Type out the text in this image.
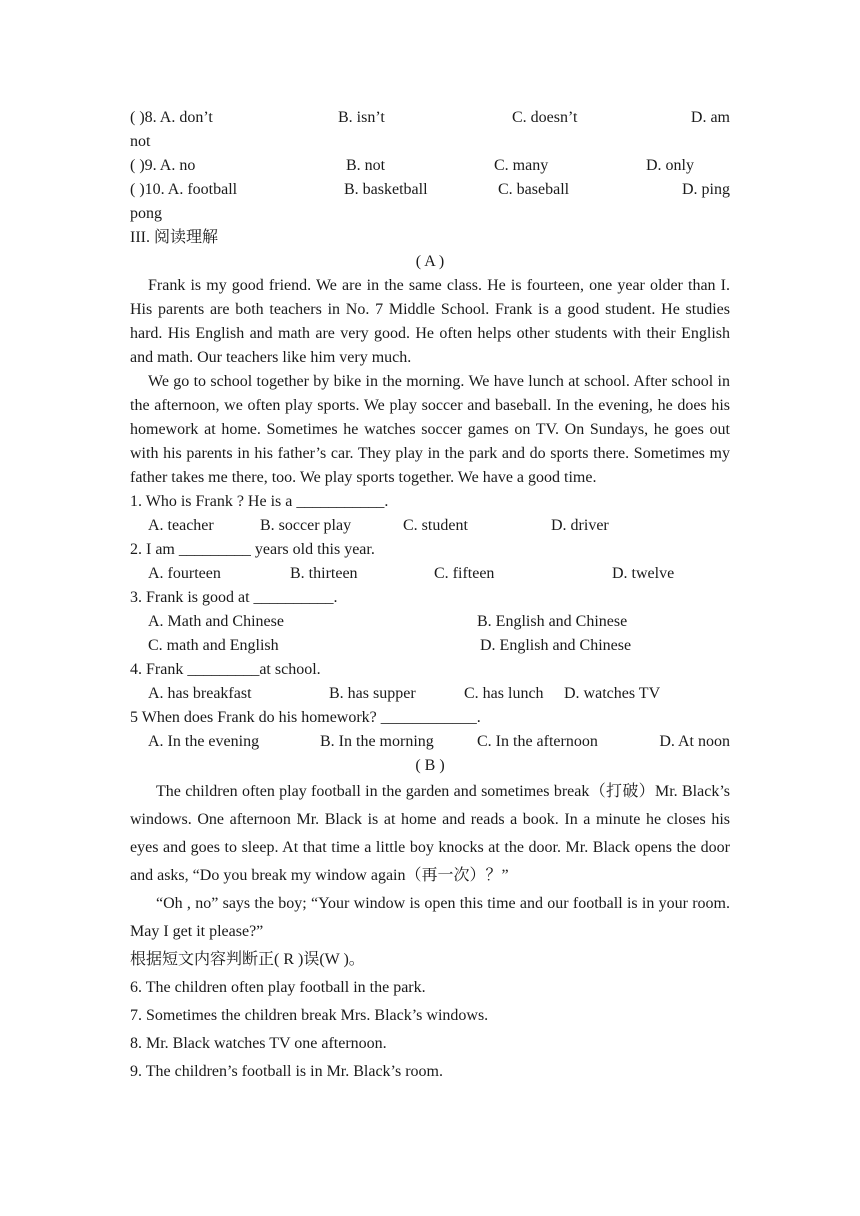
( )8. A. don’t	B. isn’t	C. doesn’t	D. am
not
( )9. A. no	B. not	C. many	D. only
( )10. A. football	B. basketball	C. baseball	D. ping
pong
III. 阅读理解
( A )

Frank is my good friend. We are in the same class. He is fourteen, one year older than I. His parents are both teachers in No. 7 Middle School. Frank is a good student. He studies hard. His English and math are very good. He often helps other students with their English and math. Our teachers like him very much.

We go to school together by bike in the morning. We have lunch at school. After school in the afternoon, we often play sports. We play soccer and baseball. In the evening, he does his homework at home. Sometimes he watches soccer games on TV. On Sundays, he goes out with his parents in his father’s car. They play in the park and do sports there. Sometimes my father takes me there, too. We play sports together. We have a good time.

1. Who is Frank ? He is a ___________.
A. teacher	B. soccer play	C. student	D. driver
2. I am _________ years old this year.
A. fourteen	B. thirteen	C. fifteen	D. twelve
3. Frank is good at __________.
A. Math and Chinese	B. English and Chinese
C. math and English	D. English and Chinese
4. Frank _________at school.
A. has breakfast	B. has supper	C. has lunch D. watches TV
5 When does Frank do his homework? ____________.
A. In the evening	B. In the morning	C. In the afternoon	D. At noon
( B )

The children often play football in the garden and sometimes break（打破）Mr. Black’s windows. One afternoon Mr. Black is at home and reads a book. In a minute he closes his eyes and goes to sleep. At that time a little boy knocks at the door. Mr. Black opens the door and asks, “Do you break my window again（再一次）？”

“Oh , no” says the boy; “Your window is open this time and our football is in your room. May I get it please?”

根据短文内容判断正( R )误(W )。
6. The children often play football in the park.
7. Sometimes the children break Mrs. Black’s windows.
8. Mr. Black watches TV one afternoon.
9. The children’s football is in Mr. Black’s room.
